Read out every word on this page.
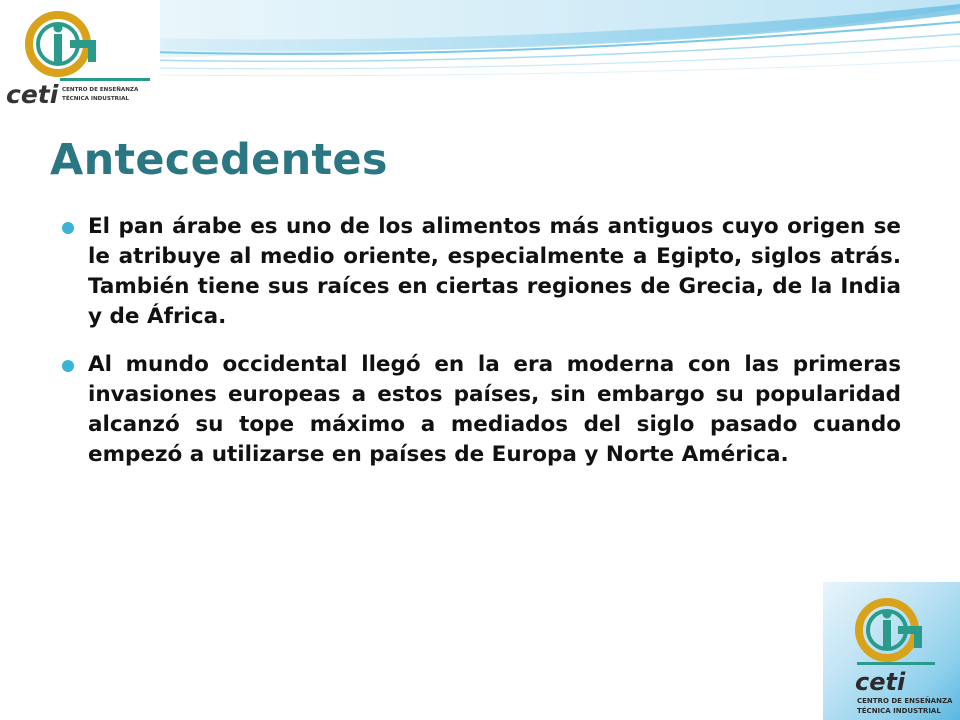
ceti CENTRO DE ENSEÑANZA
TÉCNICA INDUSTRIAL
Antecedentes
El pan árabe es uno de los alimentos más antiguos cuyo origen se le atribuye al medio oriente, especialmente a Egipto, siglos atrás. También tiene sus raíces en ciertas regiones de Grecia, de la India y de África.
Al mundo occidental llegó en la era moderna con las primeras invasiones europeas a estos países, sin embargo su popularidad alcanzó su tope máximo a mediados del siglo pasado cuando empezó a utilizarse en países de Europa y Norte América.
ceti
CENTRO DE ENSEÑANZA
TÉCNICA INDUSTRIAL
